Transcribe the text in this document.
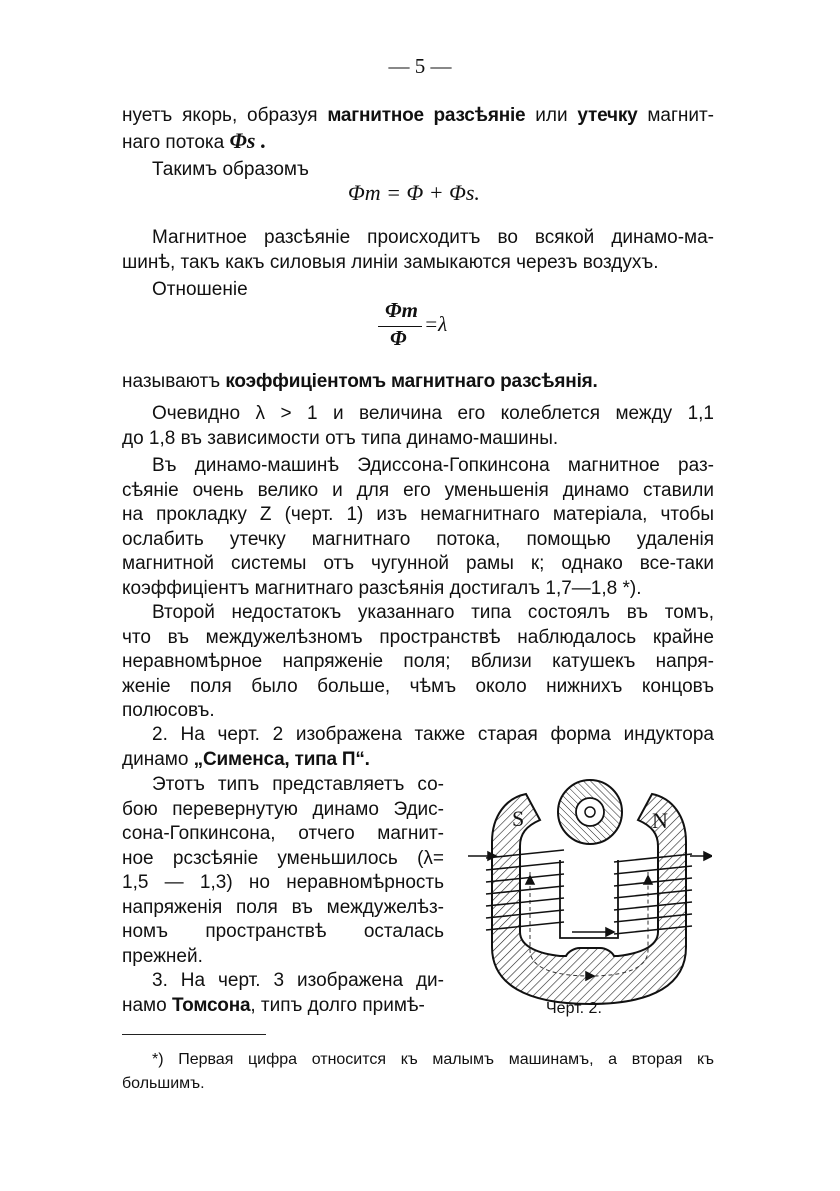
— 5 —
нуетъ якорь, образуя магнитное разсѣяніе или утечку магнит-
наго потока Φs .
Такимъ образомъ
Φm = Φ + Φs.
Магнитное разсѣяніе происходитъ во всякой динамо-ма-
шинѣ, такъ какъ силовыя линіи замыкаются черезъ воздухъ.
Отношеніе
Φm
Φ
=λ
называютъ коэффиціентомъ магнитнаго разсѣянія.
Очевидно λ > 1 и величина его колеблется между 1,1
до 1,8 въ зависимости отъ типа динамо-машины.
Въ динамо-машинѣ Эдиссона-Гопкинсона магнитное раз-
сѣяніе очень велико и для его уменьшенія динамо ставили
на прокладку Z (черт. 1) изъ немагнитнаго матеріала, чтобы
ослабить утечку магнитнаго потока, помощью удаленія
магнитной системы отъ чугунной рамы к; однако все-таки
коэффиціентъ магнитнаго разсѣянія достигалъ 1,7—1,8 *).
Второй недостатокъ указаннаго типа состоялъ въ томъ,
что въ междужелѣзномъ пространствѣ наблюдалось крайне
неравномѣрное напряженіе поля; вблизи катушекъ напря-
женіе поля было больше, чѣмъ около нижнихъ концовъ
полюсовъ.
2. На черт. 2 изображена также старая форма индуктора
динамо „Сименса, типа П“.
Этотъ типъ представляетъ со-
бою перевернутую динамо Эдис-
сона-Гопкинсона, отчего магнит-
ное рсзсѣяніе уменьшилось (λ=
1,5 — 1,3) но неравномѣрность
напряженія поля въ междужелѣз-
номъ пространствѣ осталась
прежней.
3. На черт. 3 изображена ди-
намо Томсона, типъ долго примѣ-
S	N
Черт. 2.
*) Первая цифра относится къ малымъ машинамъ, а вторая къ
большимъ.
